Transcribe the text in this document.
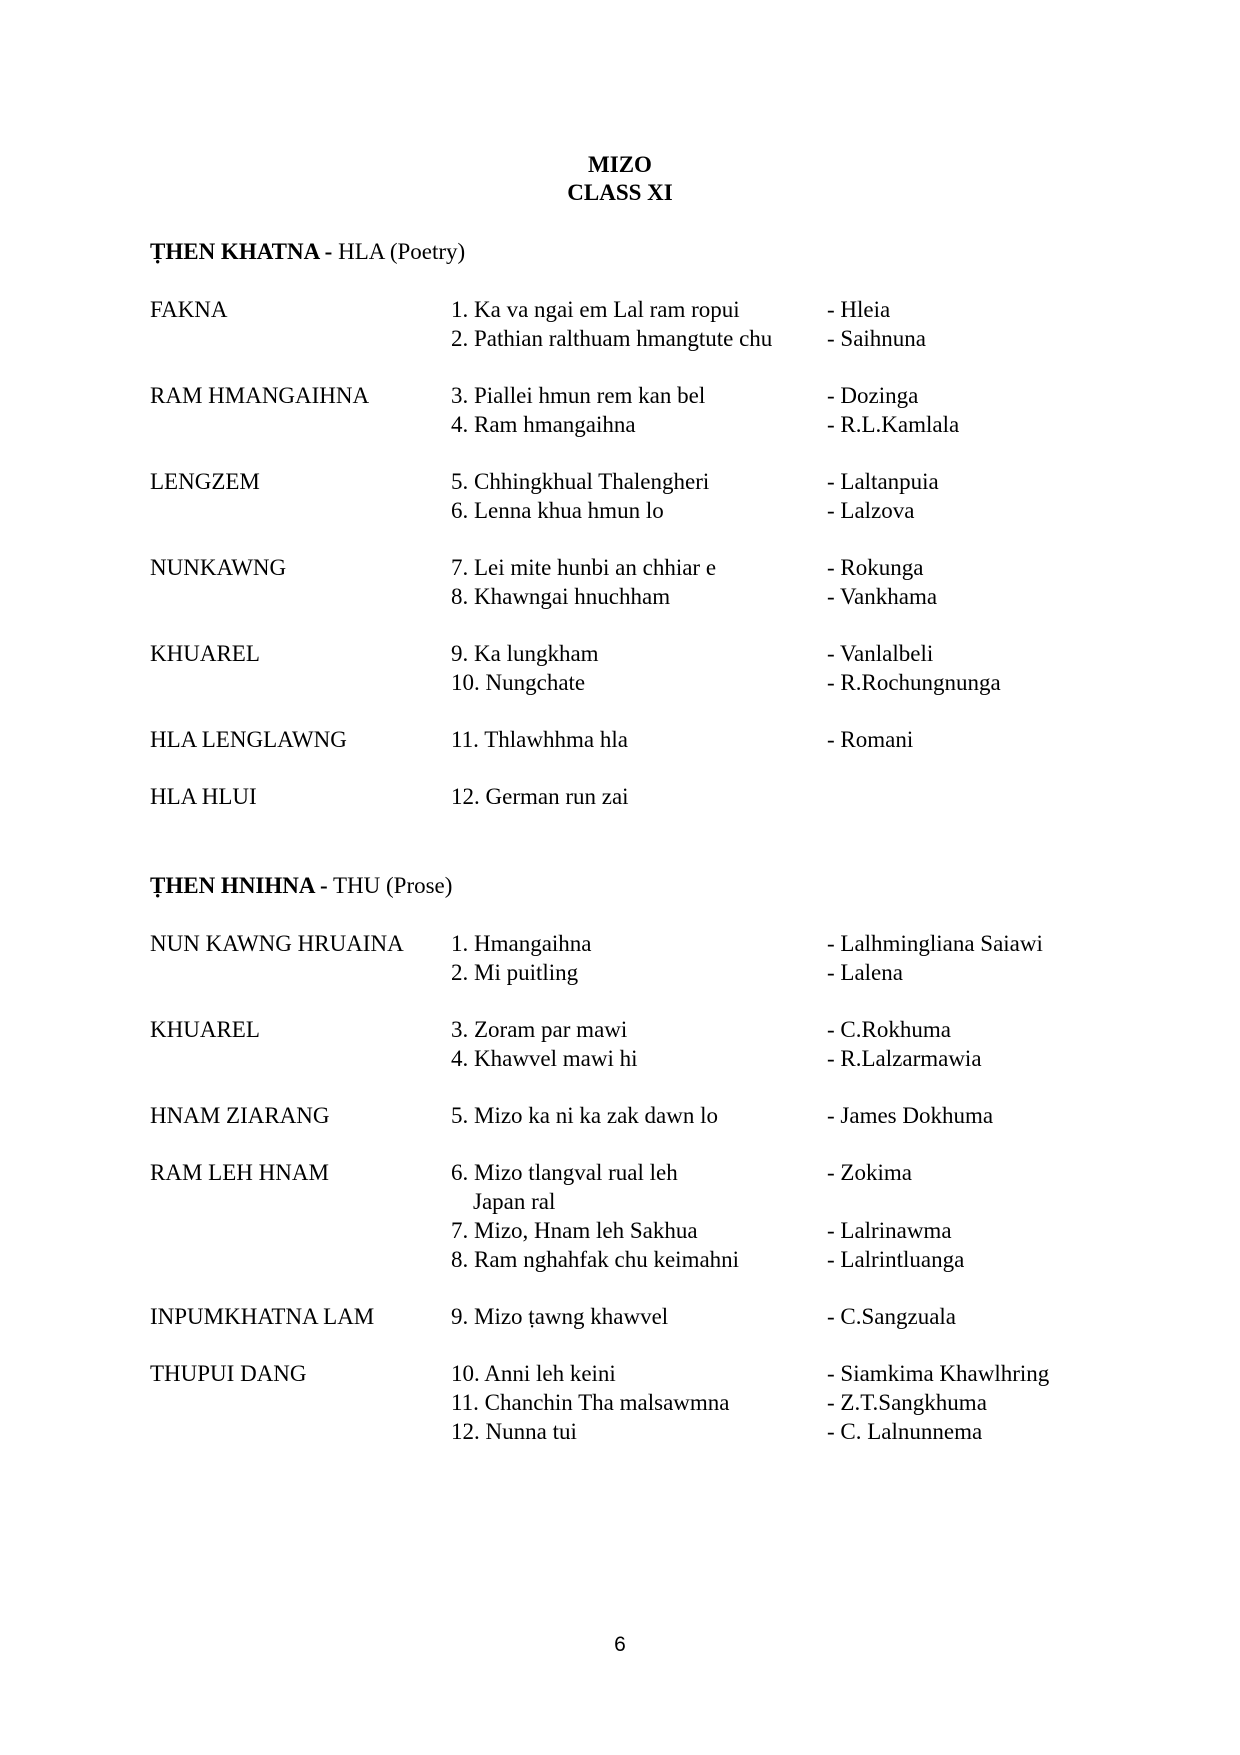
MIZO
CLASS XI
ṬHEN KHATNA - HLA (Poetry)
FAKNA	1. Ka va ngai em Lal ram ropui	- Hleia
2. Pathian ralthuam hmangtute chu	- Saihnuna
RAM HMANGAIHNA	3. Piallei hmun rem kan bel	- Dozinga
4. Ram hmangaihna	- R.L.Kamlala
LENGZEM	5. Chhingkhual Thalengheri	- Laltanpuia
6. Lenna khua hmun lo	- Lalzova
NUNKAWNG	7. Lei mite hunbi an chhiar e	- Rokunga
8. Khawngai hnuchham	- Vankhama
KHUAREL	9. Ka lungkham	- Vanlalbeli
10. Nungchate	- R.Rochungnunga
HLA LENGLAWNG	11. Thlawhhma hla	- Romani
HLA HLUI	12. German run zai
ṬHEN HNIHNA - THU (Prose)
NUN KAWNG HRUAINA	1. Hmangaihna	- Lalhmingliana Saiawi
2. Mi puitling	- Lalena
KHUAREL	3. Zoram par mawi	- C.Rokhuma
4. Khawvel mawi hi	- R.Lalzarmawia
HNAM ZIARANG	5. Mizo ka ni ka zak dawn lo	- James Dokhuma
RAM LEH HNAM	6. Mizo tlangval rual leh	- Zokima
Japan ral
7. Mizo, Hnam leh Sakhua	- Lalrinawma
8. Ram nghahfak chu keimahni	- Lalrintluanga
INPUMKHATNA LAM	9. Mizo ṭawng khawvel	- C.Sangzuala
THUPUI DANG	10. Anni leh keini	- Siamkima Khawlhring
11. Chanchin Tha malsawmna	- Z.T.Sangkhuma
12. Nunna tui	- C. Lalnunnema
6
